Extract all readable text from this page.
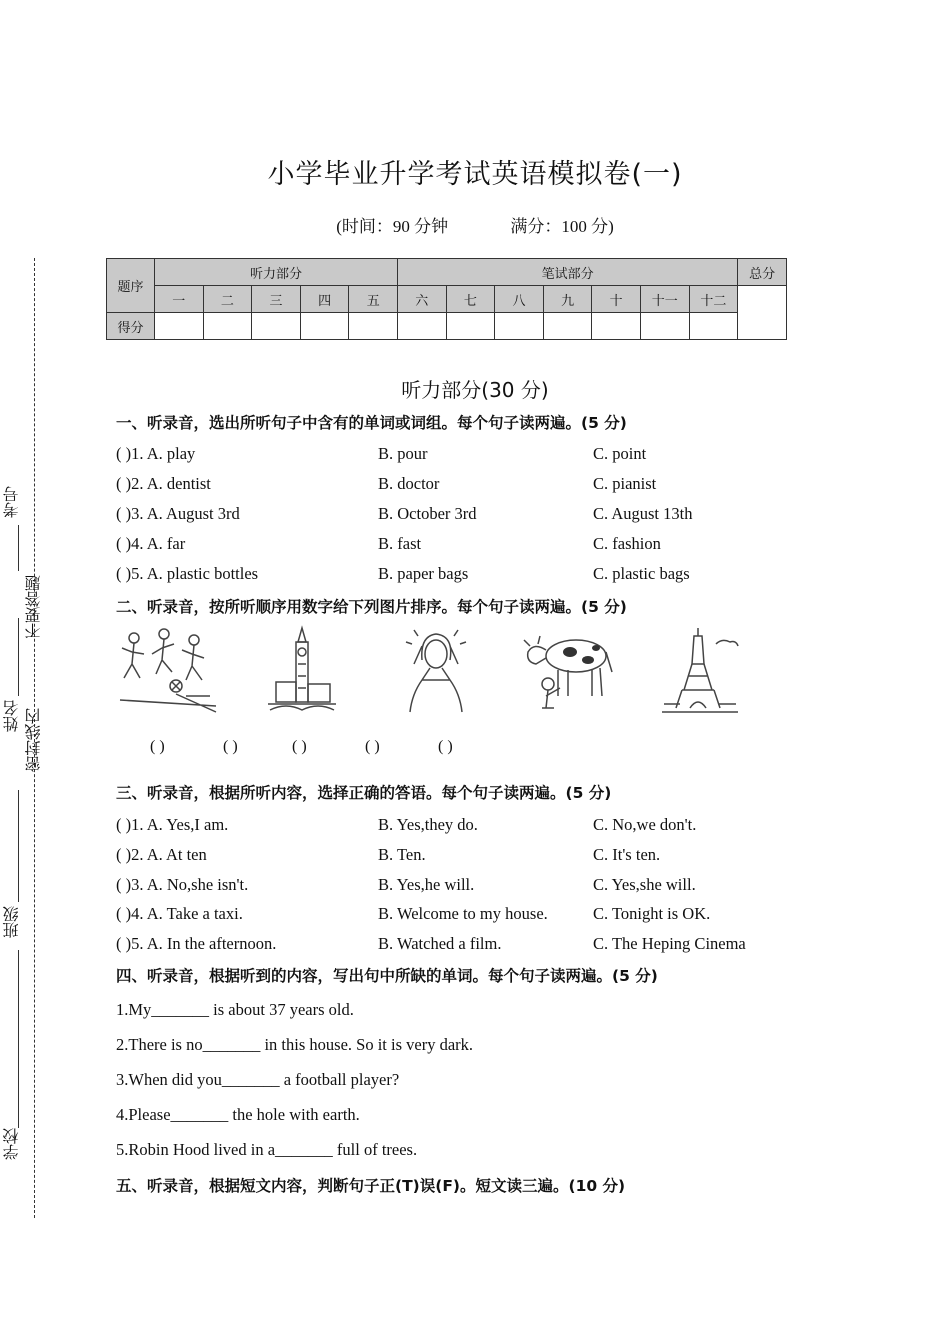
考号
不要答题
姓名 密封线内
班级
学校
小学毕业升学考试英语模拟卷(一)
(时间：90 分钟	满分：100 分)
题序	听力部分					笔试部分							总分
	一	二	三	四	五	六	七	八	九	十	十一	十二	
得分													
听力部分(30 分)
一、听录音，选出所听句子中含有的单词或词组。每个句子读两遍。(5 分)
( )1. A. play	B. pour	C. point
( )2. A. dentist	B. doctor	C. pianist
( )3. A. August 3rd	B. October 3rd	C. August 13th
( )4. A. far	B. fast	C. fashion
( )5. A. plastic bottles	B. paper bags	C. plastic bags
二、听录音，按所听顺序用数字给下列图片排序。每个句子读两遍。(5 分)
( )	( )	( )	( )	( )
三、听录音，根据所听内容，选择正确的答语。每个句子读两遍。(5 分)
( )1. A. Yes,I am.	B. Yes,they do.	C. No,we don't.
( )2. A. At ten	B. Ten.	C. It's ten.
( )3. A. No,she isn't.	B. Yes,he will.	C. Yes,she will.
( )4. A. Take a taxi.	B. Welcome to my house.	C. Tonight is OK.
( )5. A. In the afternoon.	B. Watched a film.	C. The Heping Cinema
四、听录音，根据听到的内容，写出句中所缺的单词。每个句子读两遍。(5 分)
1.My_______ is about 37 years old.
2.There is no_______ in this house. So it is very dark.
3.When did you_______ a football player?
4.Please_______ the hole with earth.
5.Robin Hood lived in a_______ full of trees.
五、听录音，根据短文内容，判断句子正(T)误(F)。短文读三遍。(10 分)
